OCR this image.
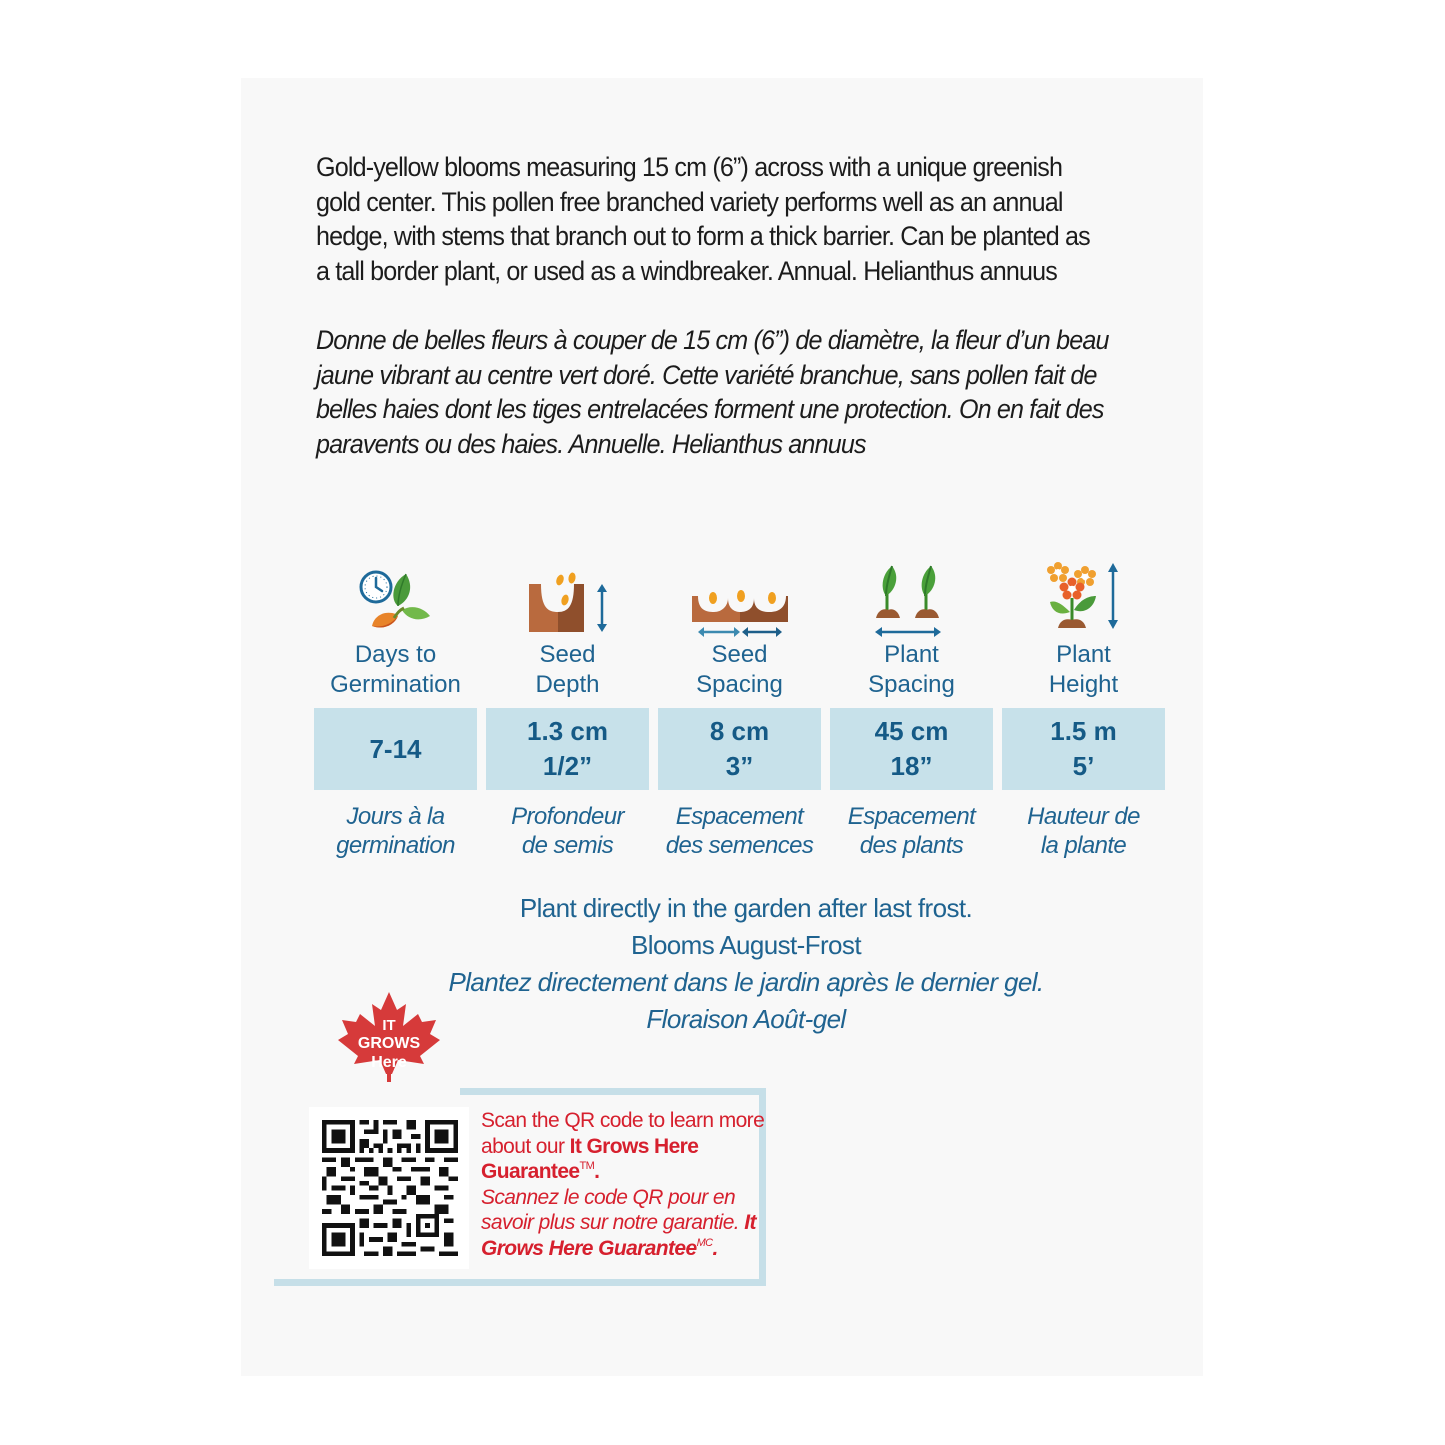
Gold-yellow blooms measuring 15 cm (6”) across with a unique greenish
gold center. This pollen free branched variety performs well as an annual
hedge, with stems that branch out to form a thick barrier. Can be planted as
a tall border plant, or used as a windbreaker. Annual. Helianthus annuus
Donne de belles fleurs à couper de 15 cm (6”) de diamètre, la fleur d’un beau
jaune vibrant au centre vert doré. Cette variété branchue, sans pollen fait de
belles haies dont les tiges entrelacées forment une protection. On en fait des
paravents ou des haies. Annuelle. Helianthus annuus
Days to
Germination
7-14
Jours à la
germination
Seed
Depth
1.3 cm
1/2”
Profondeur
de semis
Seed
Spacing
8 cm
3”
Espacement
des semences
Plant
Spacing
45 cm
18”
Espacement
des plants
Plant
Height
1.5 m
5’
Hauteur de
la plante
Plant directly in the garden after last frost.
Blooms August-Frost
Plantez directement dans le jardin après le dernier gel.
Floraison Août-gel
IT
GROWS
Here
Scan the QR code to learn more about our It Grows Here Guarantee™.
Scannez le code QR pour en savoir plus sur notre garantie. It Grows Here Guarantee$^{MC}$.
